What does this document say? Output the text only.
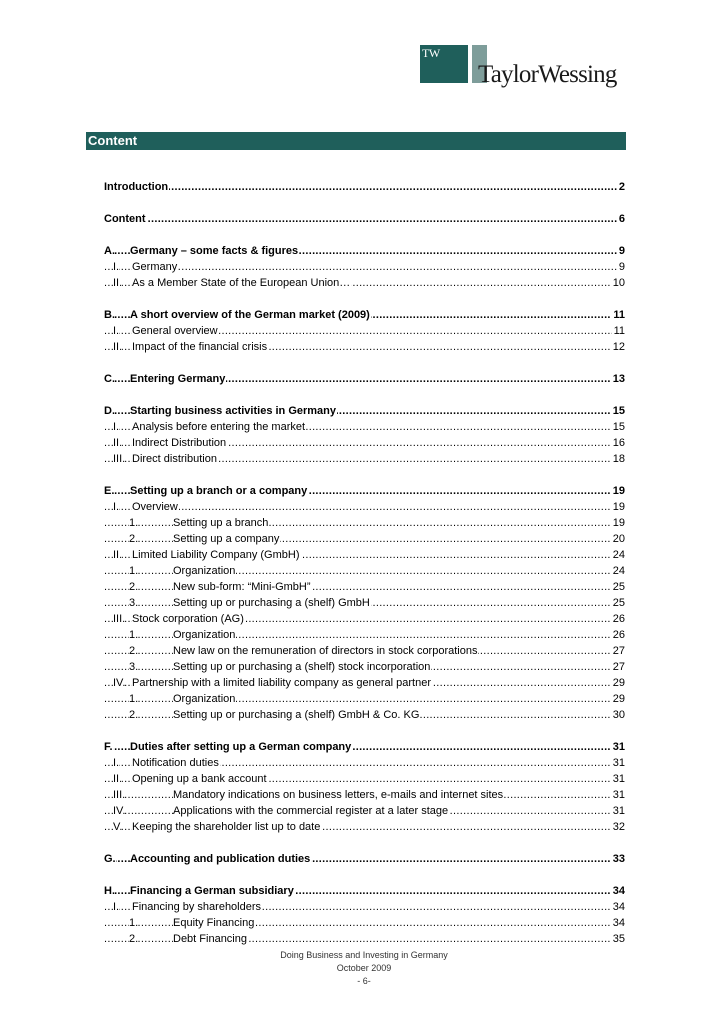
TW
TaylorWessing
Content
.....
Introduction	2
.....
Content	6
.....
A. Germany – some facts & figures	9
.....
I. Germany…	9
.....
II. As a Member State of the European Union…	10
.....
B. A short overview of the German market (2009)	11
.....
I. General overview	11
.....
II. Impact of the financial crisis	12
.....
C. Entering Germany	13
.....
D. Starting business activities in Germany	15
.....
I. Analysis before entering the market	15
.....
II. Indirect Distribution	16
.....
III. Direct distribution	18
.....
E. Setting up a branch or a company	19
.....
I. Overview	19
.....
1.	Setting up a branch	19
.....
2.	Setting up a company	20
.....
II. Limited Liability Company (GmbH)	24
.....
1.	Organization	24
.....
2.	New sub-form: “Mini-GmbH”	25
.....
3.	Setting up or purchasing a (shelf) GmbH	25
.....
III. Stock corporation (AG)	26
.....
1.	Organization	26
.....
2.	New law on the remuneration of directors in stock corporations	27
.....
3.	Setting up or purchasing a (shelf) stock incorporation	27
.....
IV. Partnership with a limited liability company as general partner	29
.....
1.	Organization	29
.....
2.	Setting up or purchasing a (shelf) GmbH & Co. KG	30
.....
F. Duties after setting up a German company	31
.....
I. Notification duties	31
.....
II. Opening up a bank account	31
.....
III.	Mandatory indications on business letters, e-mails and internet sites	31
.....
IV.	Applications with the commercial register at a later stage	31
.....
V. Keeping the shareholder list up to date	32
.....
G. Accounting and publication duties	33
.....
H. Financing a German subsidiary	34
.....
I. Financing by shareholders	34
.....
1.	Equity Financing	34
.....
2.	Debt Financing	35
Doing Business and Investing in Germany
October 2009
- 6-
